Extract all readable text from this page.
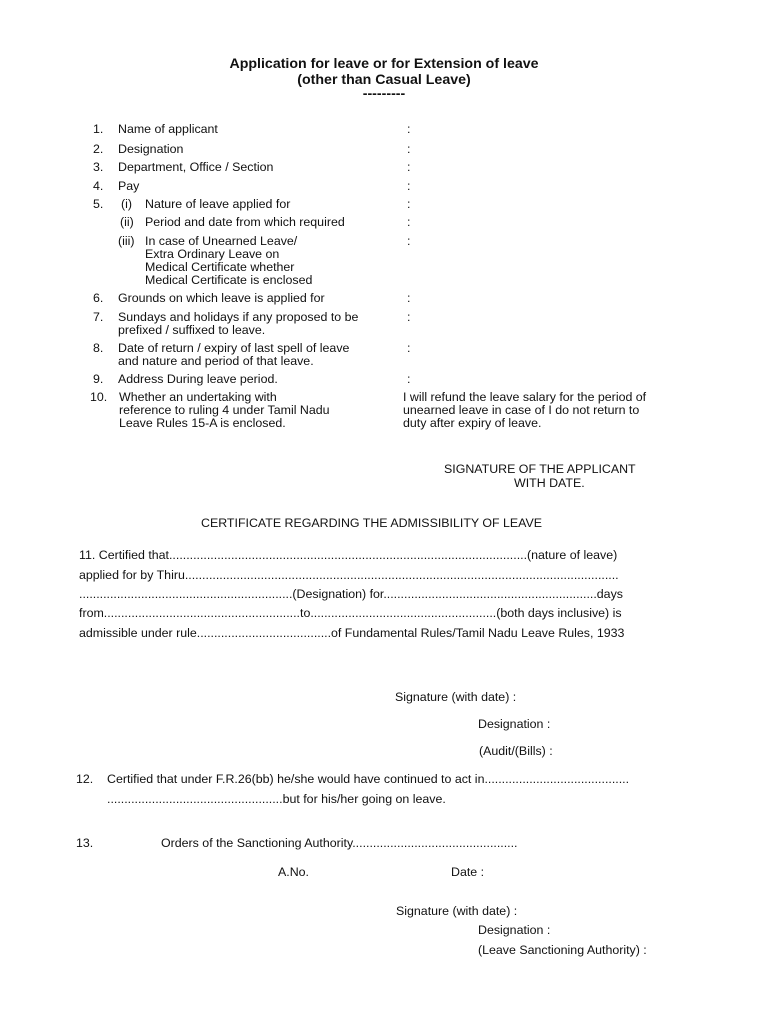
Application for leave or for Extension of leave
(other than Casual Leave)
---------
1. Name of applicant	:
2. Designation	:
3. Department, Office / Section	:
4. Pay	:
5. (i) Nature of leave applied for	:
(ii) Period and date from which required	:
(iii) In case of Unearned Leave/
Extra Ordinary Leave on
Medical Certificate whether
Medical Certificate is enclosed
:
6. Grounds on which leave is applied for	:
7. Sundays and holidays if any proposed to be
prefixed / suffixed to leave.
:
8. Date of return / expiry of last spell of leave
and nature and period of that leave.
:
9. Address During leave period.	:
10. Whether an undertaking with
reference to ruling 4 under Tamil Nadu
Leave Rules 15-A is enclosed.
I will refund the leave salary for the period of
unearned leave in case of I do not return to
duty after expiry of leave.
SIGNATURE OF THE APPLICANT
WITH DATE.
CERTIFICATE REGARDING THE ADMISSIBILITY OF LEAVE
11. Certified that........................................................................................................(nature of leave)
applied for by Thiru..............................................................................................................................
..............................................................(Designation) for..............................................................days
from.........................................................to......................................................(both days inclusive) is
admissible under rule.......................................of Fundamental Rules/Tamil Nadu Leave Rules, 1933
Signature (with date) :
Designation :
(Audit/(Bills) :
12. Certified that under F.R.26(bb) he/she would have continued to act in..........................................
...................................................but for his/her going on leave.
13.	Orders of the Sanctioning Authority................................................
A.No.	Date :
Signature (with date) :
Designation :
(Leave Sanctioning Authority) :
